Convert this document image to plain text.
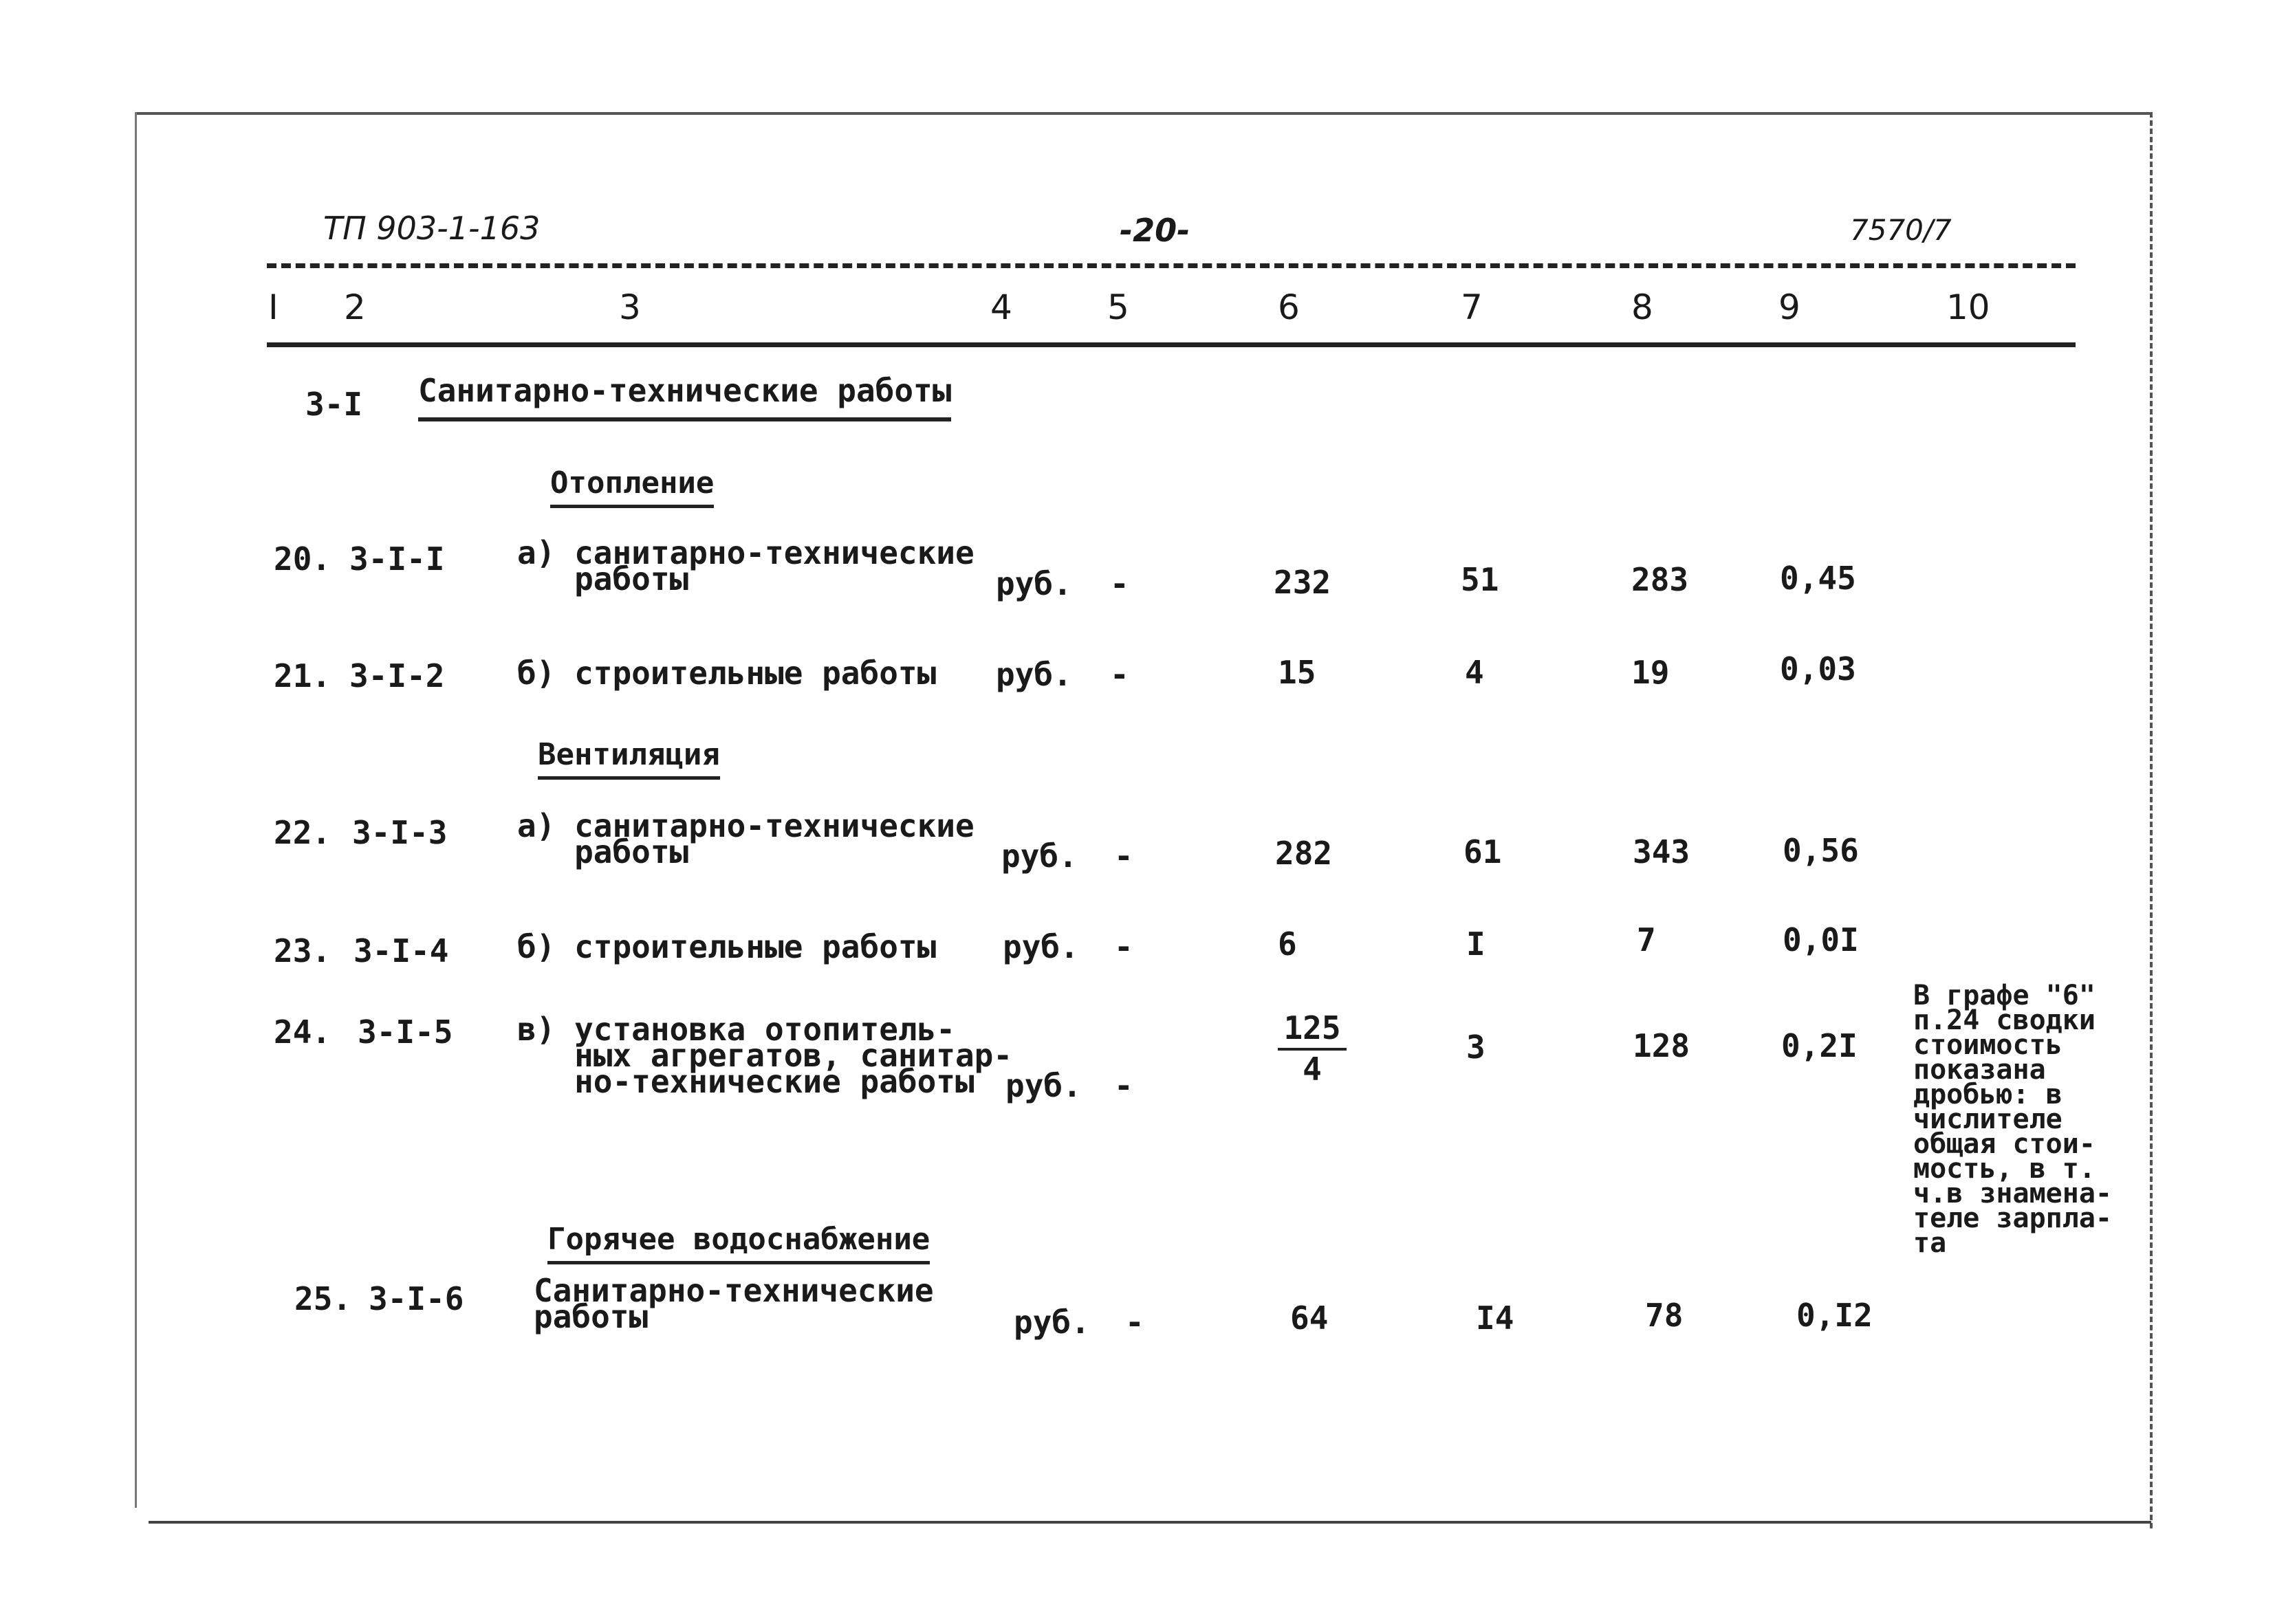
ТП 903-1-163	-20-	7570/7
I 2	3	4	5	6	7	8	9	10
3-I Санитарно-технические работы
Отопление
20. 3-I-I а) санитарно-технические
работы	руб. -	232	51	283	0,45
21. 3-I-2 б) строительные работы руб. -	15	4	19	0,03
Вентиляция
22. 3-I-3 а) санитарно-технические
работы	руб. -	282	61	343	0,56
23. 3-I-4 б) строительные работы руб. -	6	I	7	0,0I
24. 3-I-5 в) установка отопитель-
ных агрегатов, санитар-
но-технические работы руб. -	$\frac{125}{4}$	3	128	0,2I
В графе "6"
п.24 сводки
стоимость
показана
дробью: в
числителе
общая стои-
мость, в т.
ч.в знамена-
теле зарпла-
та
Горячее водоснабжение
25. 3-I-6 Санитарно-технические
работы	руб. -	64	I4	78	0,I2
